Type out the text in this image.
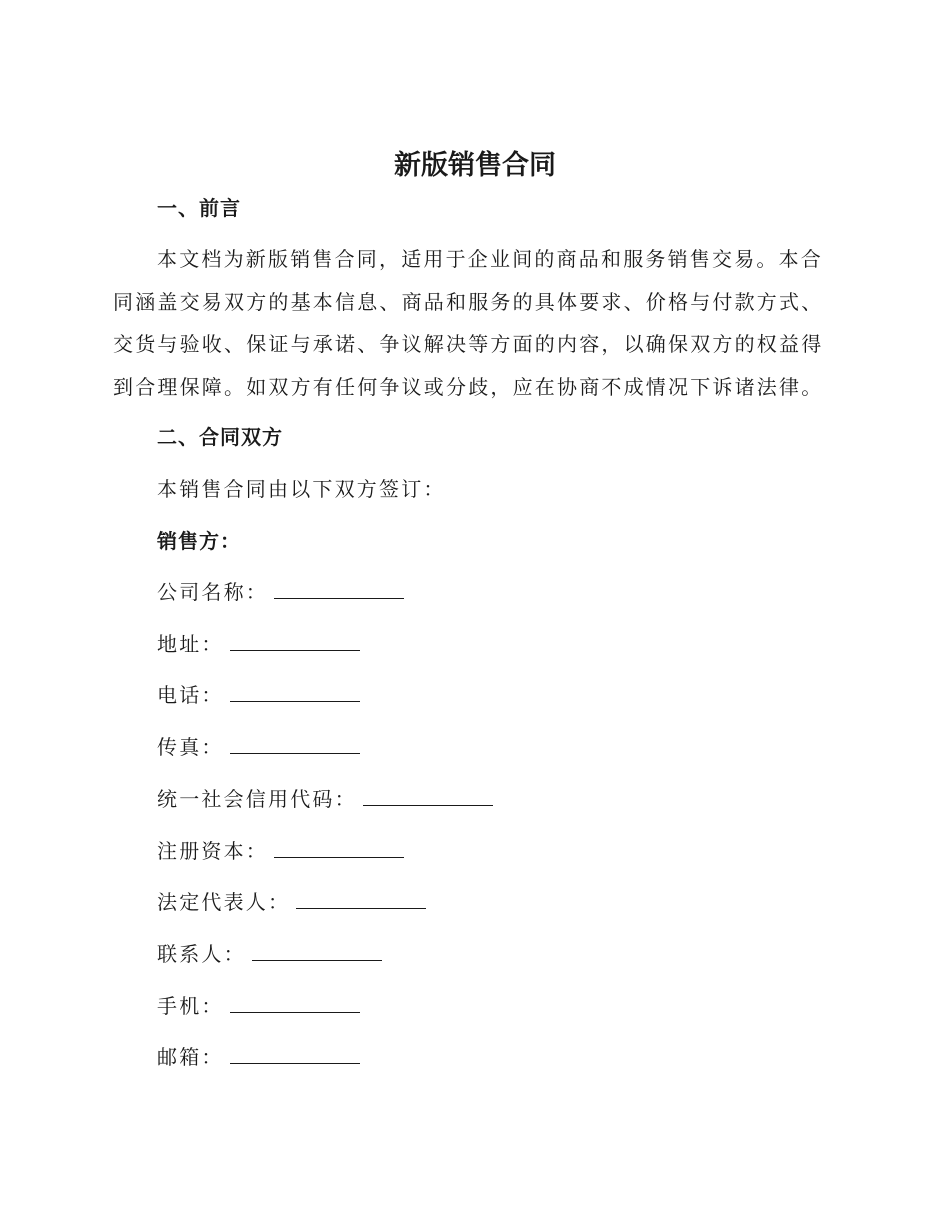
新版销售合同
一、前言

本文档为新版销售合同，适用于企业间的商品和服务销售交易。本合同涵盖交易双方的基本信息、商品和服务的具体要求、价格与付款方式、交货与验收、保证与承诺、争议解决等方面的内容，以确保双方的权益得到合理保障。如双方有任何争议或分歧，应在协商不成情况下诉诸法律。

二、合同双方
本销售合同由以下双方签订：
销售方：
公司名称：
地址：
电话：
传真：
统一社会信用代码：
注册资本：
法定代表人：
联系人：
手机：
邮箱：
